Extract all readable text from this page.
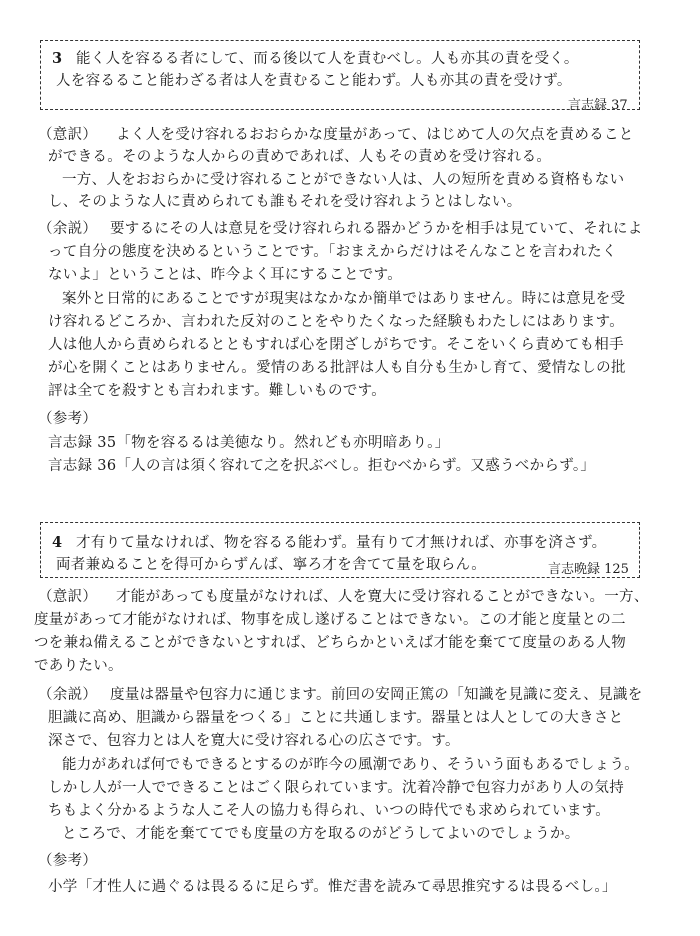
3 能く人を容るる者にして、而る後以て人を責むべし。人も亦其の責を受く。
人を容るること能わざる者は人を責むること能わず。人も亦其の責を受けず。
言志録 37
（意訳） よく人を受け容れるおおらかな度量があって、はじめて人の欠点を責めること
ができる。そのような人からの責めであれば、人もその責めを受け容れる。
一方、人をおおらかに受け容れることができない人は、人の短所を責める資格もない
し、そのような人に責められても誰もそれを受け容れようとはしない。
（余説） 要するにその人は意見を受け容れられる器かどうかを相手は見ていて、それによ
って自分の態度を決めるということです。「おまえからだけはそんなことを言われたく
ないよ」ということは、昨今よく耳にすることです。
案外と日常的にあることですが現実はなかなか簡単ではありません。時には意見を受
け容れるどころか、言われた反対のことをやりたくなった経験もわたしにはあります。
人は他人から責められるとともすれば心を閉ざしがちです。そこをいくら責めても相手
が心を開くことはありません。愛情のある批評は人も自分も生かし育て、愛情なしの批
評は全てを殺すとも言われます。難しいものです。
（参考）
言志録 35「物を容るるは美徳なり。然れども亦明暗あり。」
言志録 36「人の言は須く容れて之を択ぶべし。拒むべからず。又惑うべからず。」
4 才有りて量なければ、物を容るる能わず。量有りて才無ければ、亦事を済さず。
両者兼ぬることを得可からずんば、寧ろ才を舎てて量を取らん。	言志晩録 125
（意訳） 才能があっても度量がなければ、人を寛大に受け容れることができない。一方、
度量があって才能がなければ、物事を成し遂げることはできない。この才能と度量との二
つを兼ね備えることができないとすれば、どちらかといえば才能を棄てて度量のある人物
でありたい。
（余説） 度量は器量や包容力に通じます。前回の安岡正篤の「知識を見識に変え、見識を
胆識に高め、胆識から器量をつくる」ことに共通します。器量とは人としての大きさと
深さで、包容力とは人を寛大に受け容れる心の広さです。す。
能力があれば何でもできるとするのが昨今の風潮であり、そういう面もあるでしょう。
しかし人が一人でできることはごく限られています。沈着冷静で包容力があり人の気持
ちもよく分かるような人こそ人の協力も得られ、いつの時代でも求められています。
ところで、才能を棄ててでも度量の方を取るのがどうしてよいのでしょうか。
（参考）
小学「才性人に過ぐるは畏るるに足らず。惟だ書を読みて尋思推究するは畏るべし。」
